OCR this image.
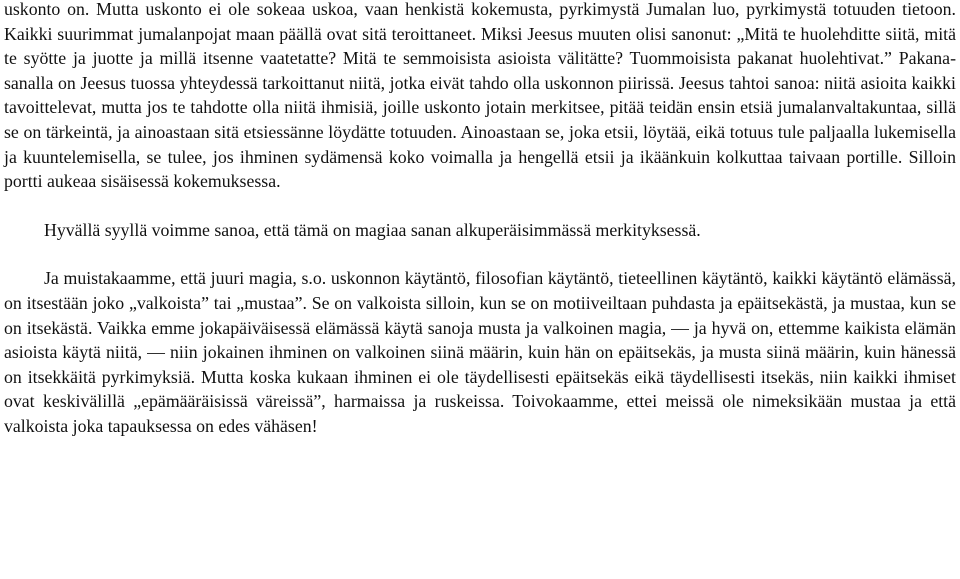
uskonto on. Mutta uskonto ei ole sokeaa uskoa, vaan henkistä kokemusta, pyrkimystä Jumalan luo, pyrkimystä totuuden tietoon. Kaikki suurimmat jumalanpojat maan päällä ovat sitä teroittaneet. Miksi Jeesus muuten olisi sanonut: „Mitä te huolehditte siitä, mitä te syötte ja juotte ja millä itsenne vaatetatte? Mitä te semmoisista asioista välitätte? Tuommoisista pakanat huolehtivat.” Pakana-sanalla on Jeesus tuossa yhteydessä tarkoittanut niitä, jotka eivät tahdo olla uskonnon piirissä. Jeesus tahtoi sanoa: niitä asioita kaikki tavoittelevat, mutta jos te tahdotte olla niitä ihmisiä, joille uskonto jotain merkitsee, pitää teidän ensin etsiä jumalanvaltakuntaa, sillä se on tärkeintä, ja ainoastaan sitä etsiessänne löydätte totuuden. Ainoastaan se, joka etsii, löytää, eikä totuus tule paljaalla lukemisella ja kuuntelemisella, se tulee, jos ihminen sydämensä koko voimalla ja hengellä etsii ja ikäänkuin kolkuttaa taivaan portille. Silloin portti aukeaa sisäisessä kokemuksessa.

Hyvällä syyllä voimme sanoa, että tämä on magiaa sanan alkuperäisimmässä merkityksessä.

Ja muistakaamme, että juuri magia, s.o. uskonnon käytäntö, filosofian käytäntö, tieteellinen käytäntö, kaikki käytäntö elämässä, on itsestään joko „valkoista” tai „mustaa”. Se on valkoista silloin, kun se on motiiveiltaan puhdasta ja epäitsekästä, ja mustaa, kun se on itsekästä. Vaikka emme jokapäiväisessä elämässä käytä sanoja musta ja valkoinen magia, — ja hyvä on, ettemme kaikista elämän asioista käytä niitä, — niin jokainen ihminen on valkoinen siinä määrin, kuin hän on epäitsekäs, ja musta siinä määrin, kuin hänessä on itsekkäitä pyrkimyksiä. Mutta koska kukaan ihminen ei ole täydellisesti epäitsekäs eikä täydellisesti itsekäs, niin kaikki ihmiset ovat keskivälillä „epämääräisissä väreissä”, harmaissa ja ruskeissa. Toivokaamme, ettei meissä ole nimeksikään mustaa ja että valkoista joka tapauksessa on edes vähäsen!
